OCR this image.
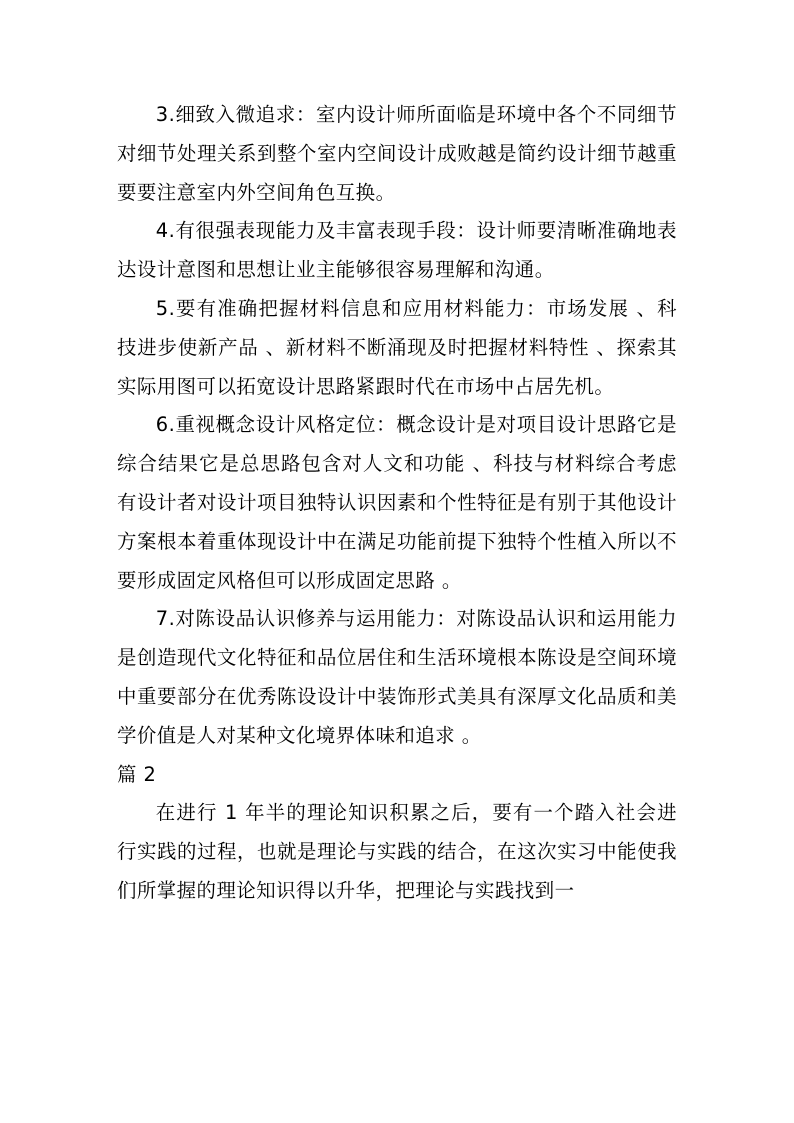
3.细致入微追求：室内设计师所面临是环境中各个不同细节对细节处理关系到整个室内空间设计成败越是简约设计细节越重要要注意室内外空间角色互换。

4.有很强表现能力及丰富表现手段：设计师要清晰准确地表达设计意图和思想让业主能够很容易理解和沟通。

5.要有准确把握材料信息和应用材料能力：市场发展 、科技进步使新产品 、新材料不断涌现及时把握材料特性 、探索其实际用图可以拓宽设计思路紧跟时代在市场中占居先机。

6.重视概念设计风格定位：概念设计是对项目设计思路它是综合结果它是总思路包含对人文和功能 、科技与材料综合考虑有设计者对设计项目独特认识因素和个性特征是有别于其他设计方案根本着重体现设计中在满足功能前提下独特个性植入所以不要形成固定风格但可以形成固定思路 。

7.对陈设品认识修养与运用能力：对陈设品认识和运用能力是创造现代文化特征和品位居住和生活环境根本陈设是空间环境中重要部分在优秀陈设设计中装饰形式美具有深厚文化品质和美学价值是人对某种文化境界体味和追求 。

篇 2

在进行 1 年半的理论知识积累之后，要有一个踏入社会进行实践的过程，也就是理论与实践的结合，在这次实习中能使我们所掌握的理论知识得以升华，把理论与实践找到一
